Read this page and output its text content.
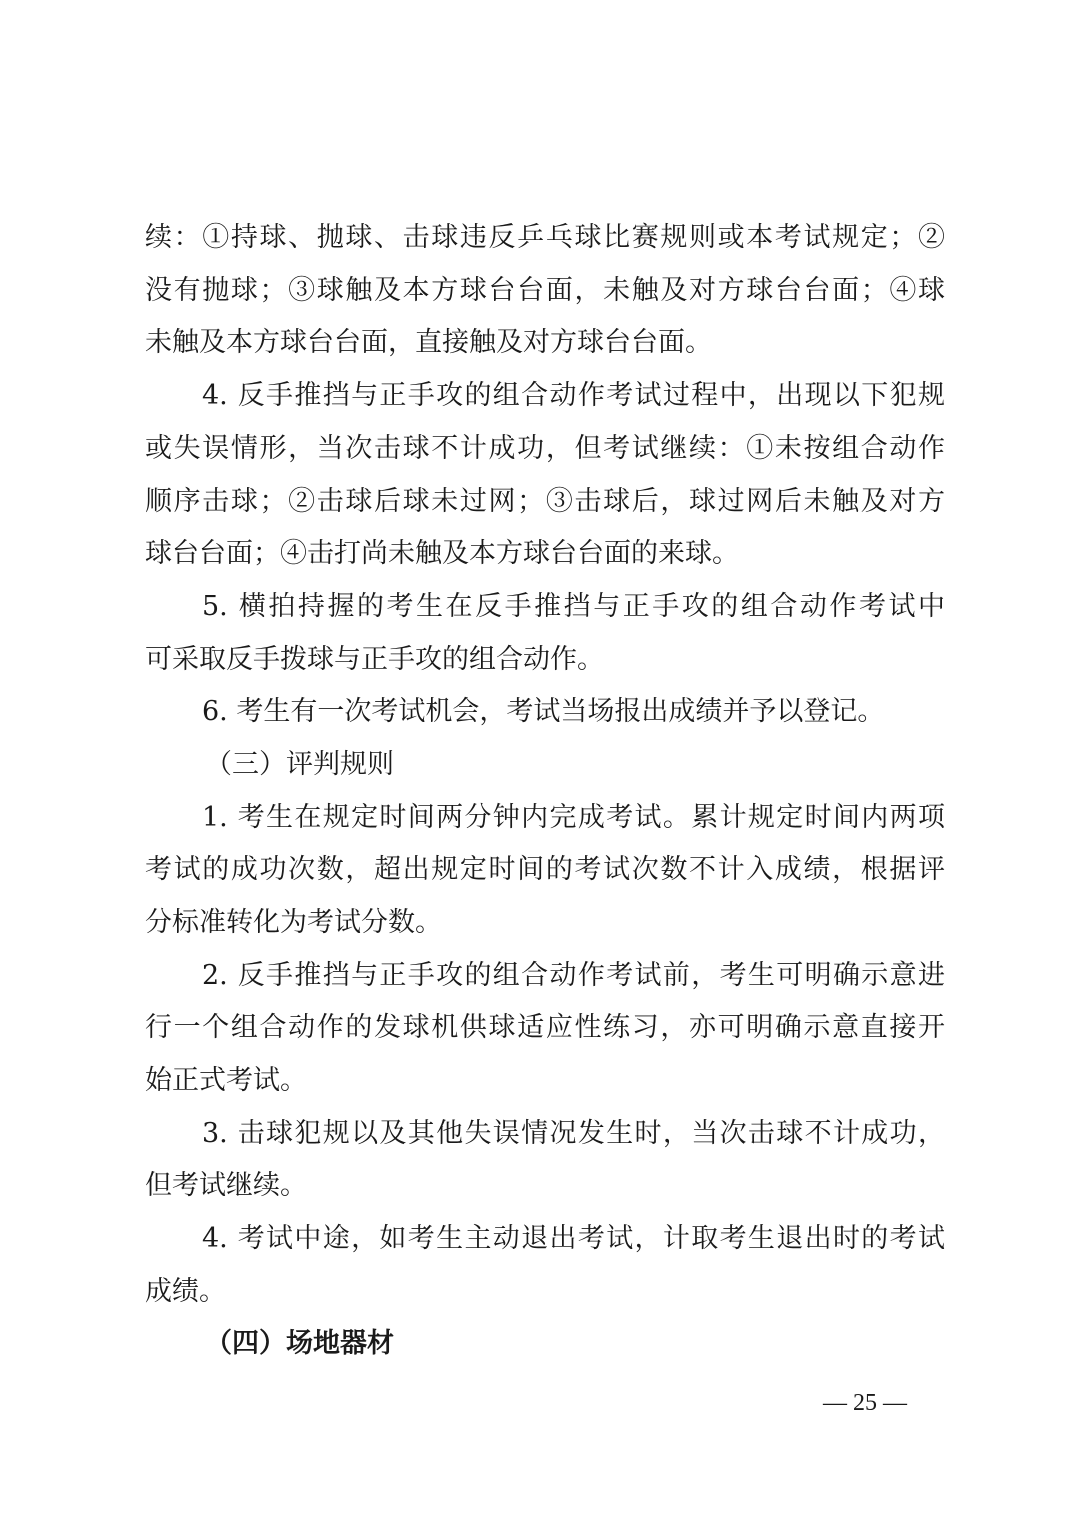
续：①持球、抛球、击球违反乒乓球比赛规则或本考试规定；②
没有抛球；③球触及本方球台台面，未触及对方球台台面；④球
未触及本方球台台面，直接触及对方球台台面。
4. 反手推挡与正手攻的组合动作考试过程中，出现以下犯规
或失误情形，当次击球不计成功，但考试继续：①未按组合动作
顺序击球；②击球后球未过网；③击球后，球过网后未触及对方
球台台面；④击打尚未触及本方球台台面的来球。
5. 横拍持握的考生在反手推挡与正手攻的组合动作考试中
可采取反手拨球与正手攻的组合动作。
6. 考生有一次考试机会，考试当场报出成绩并予以登记。
（三）评判规则
1. 考生在规定时间两分钟内完成考试。累计规定时间内两项
考试的成功次数，超出规定时间的考试次数不计入成绩，根据评
分标准转化为考试分数。
2. 反手推挡与正手攻的组合动作考试前，考生可明确示意进
行一个组合动作的发球机供球适应性练习，亦可明确示意直接开
始正式考试。
3. 击球犯规以及其他失误情况发生时，当次击球不计成功，
但考试继续。
4. 考试中途，如考生主动退出考试，计取考生退出时的考试
成绩。
（四）场地器材
— 25 —
